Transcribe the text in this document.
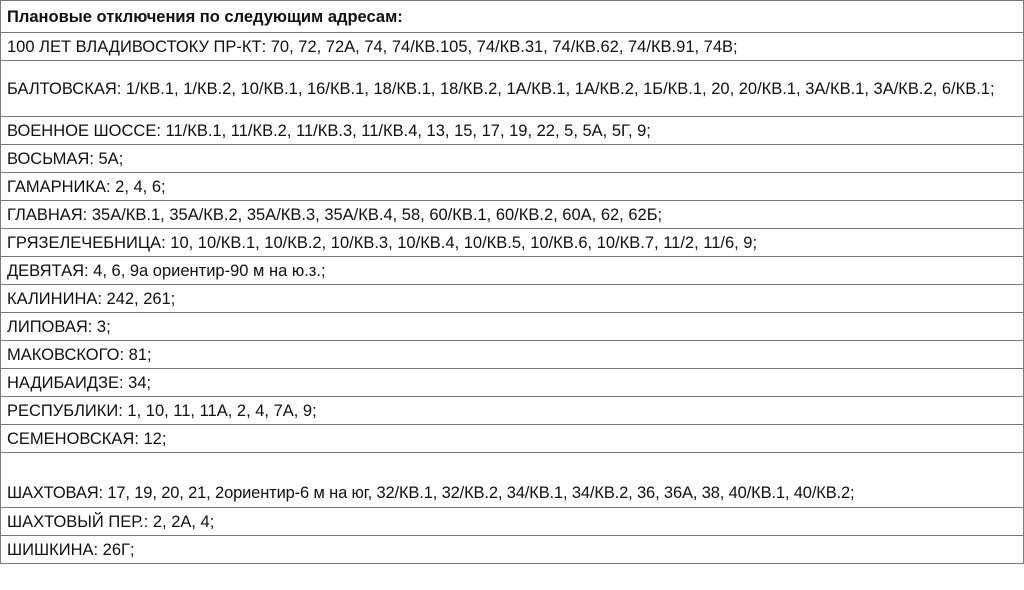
Плановые отключения по следующим адресам:
100 ЛЕТ ВЛАДИВОСТОКУ ПР-КТ: 70, 72, 72А, 74, 74/КВ.105, 74/КВ.31, 74/КВ.62, 74/КВ.91, 74В;
БАЛТОВСКАЯ: 1/КВ.1, 1/КВ.2, 10/КВ.1, 16/КВ.1, 18/КВ.1, 18/КВ.2, 1А/КВ.1, 1А/КВ.2, 1Б/КВ.1, 20, 20/КВ.1, 3А/КВ.1, 3А/КВ.2, 6/КВ.1;
ВОЕННОЕ ШОССЕ: 11/КВ.1, 11/КВ.2, 11/КВ.3, 11/КВ.4, 13, 15, 17, 19, 22, 5, 5А, 5Г, 9;
ВОСЬМАЯ: 5А;
ГАМАРНИКА: 2, 4, 6;
ГЛАВНАЯ: 35А/КВ.1, 35А/КВ.2, 35А/КВ.3, 35А/КВ.4, 58, 60/КВ.1, 60/КВ.2, 60А, 62, 62Б;
ГРЯЗЕЛЕЧЕБНИЦА: 10, 10/КВ.1, 10/КВ.2, 10/КВ.3, 10/КВ.4, 10/КВ.5, 10/КВ.6, 10/КВ.7, 11/2, 11/6, 9;
ДЕВЯТАЯ: 4, 6, 9а ориентир-90 м на ю.з.;
КАЛИНИНА: 242, 261;
ЛИПОВАЯ: 3;
МАКОВСКОГО: 81;
НАДИБАИДЗЕ: 34;
РЕСПУБЛИКИ: 1, 10, 11, 11А, 2, 4, 7А, 9;
СЕМЕНОВСКАЯ: 12;
ШАХТОВАЯ: 17, 19, 20, 21, 2ориентир-6 м на юг, 32/КВ.1, 32/КВ.2, 34/КВ.1, 34/КВ.2, 36, 36А, 38, 40/КВ.1, 40/КВ.2;
ШАХТОВЫЙ ПЕР.: 2, 2А, 4;
ШИШКИНА: 26Г;
